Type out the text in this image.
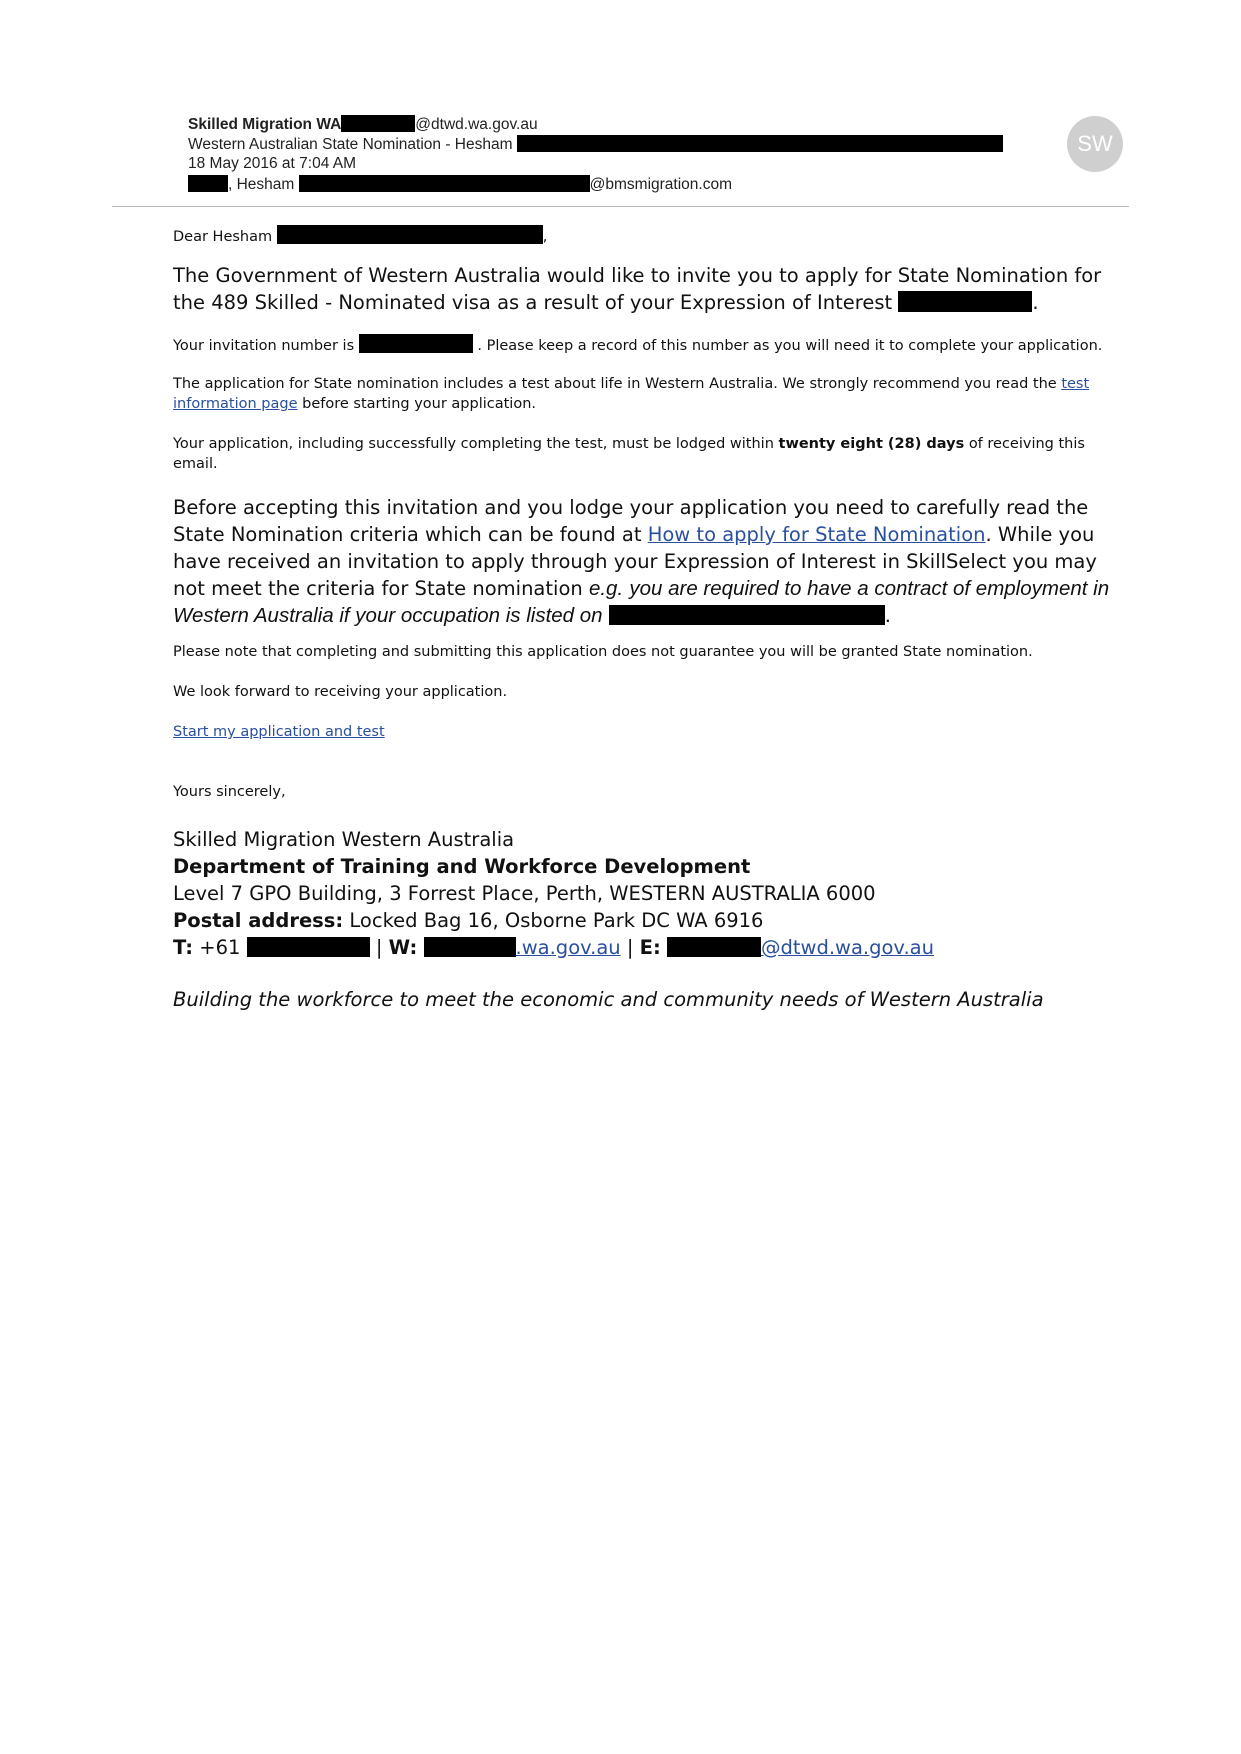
Skilled Migration WA	@dtwd.wa.gov.au
Western Australian State Nomination - Hesham
18 May 2016 at 7:04 AM
, Hesham	@bmsmigration.com
SW
Dear Hesham	,
The Government of Western Australia would like to invite you to apply for State Nomination for the 489 Skilled - Nominated visa as a result of your Expression of Interest	.
Your invitation number is	. Please keep a record of this number as you will need it to complete your application.
The application for State nomination includes a test about life in Western Australia. We strongly recommend you read the test information page before starting your application.
Your application, including successfully completing the test, must be lodged within twenty eight (28) days of receiving this email.
Before accepting this invitation and you lodge your application you need to carefully read the State Nomination criteria which can be found at How to apply for State Nomination. While you have received an invitation to apply through your Expression of Interest in SkillSelect you may not meet the criteria for State nomination e.g. you are required to have a contract of employment in Western Australia if your occupation is listed on	.
Please note that completing and submitting this application does not guarantee you will be granted State nomination.
We look forward to receiving your application.
Start my application and test
Yours sincerely,
Skilled Migration Western Australia
Department of Training and Workforce Development
Level 7 GPO Building, 3 Forrest Place, Perth, WESTERN AUSTRALIA 6000
Postal address: Locked Bag 16, Osborne Park DC WA 6916
T: +61	| W:	.wa.gov.au | E:	@dtwd.wa.gov.au
Building the workforce to meet the economic and community needs of Western Australia
